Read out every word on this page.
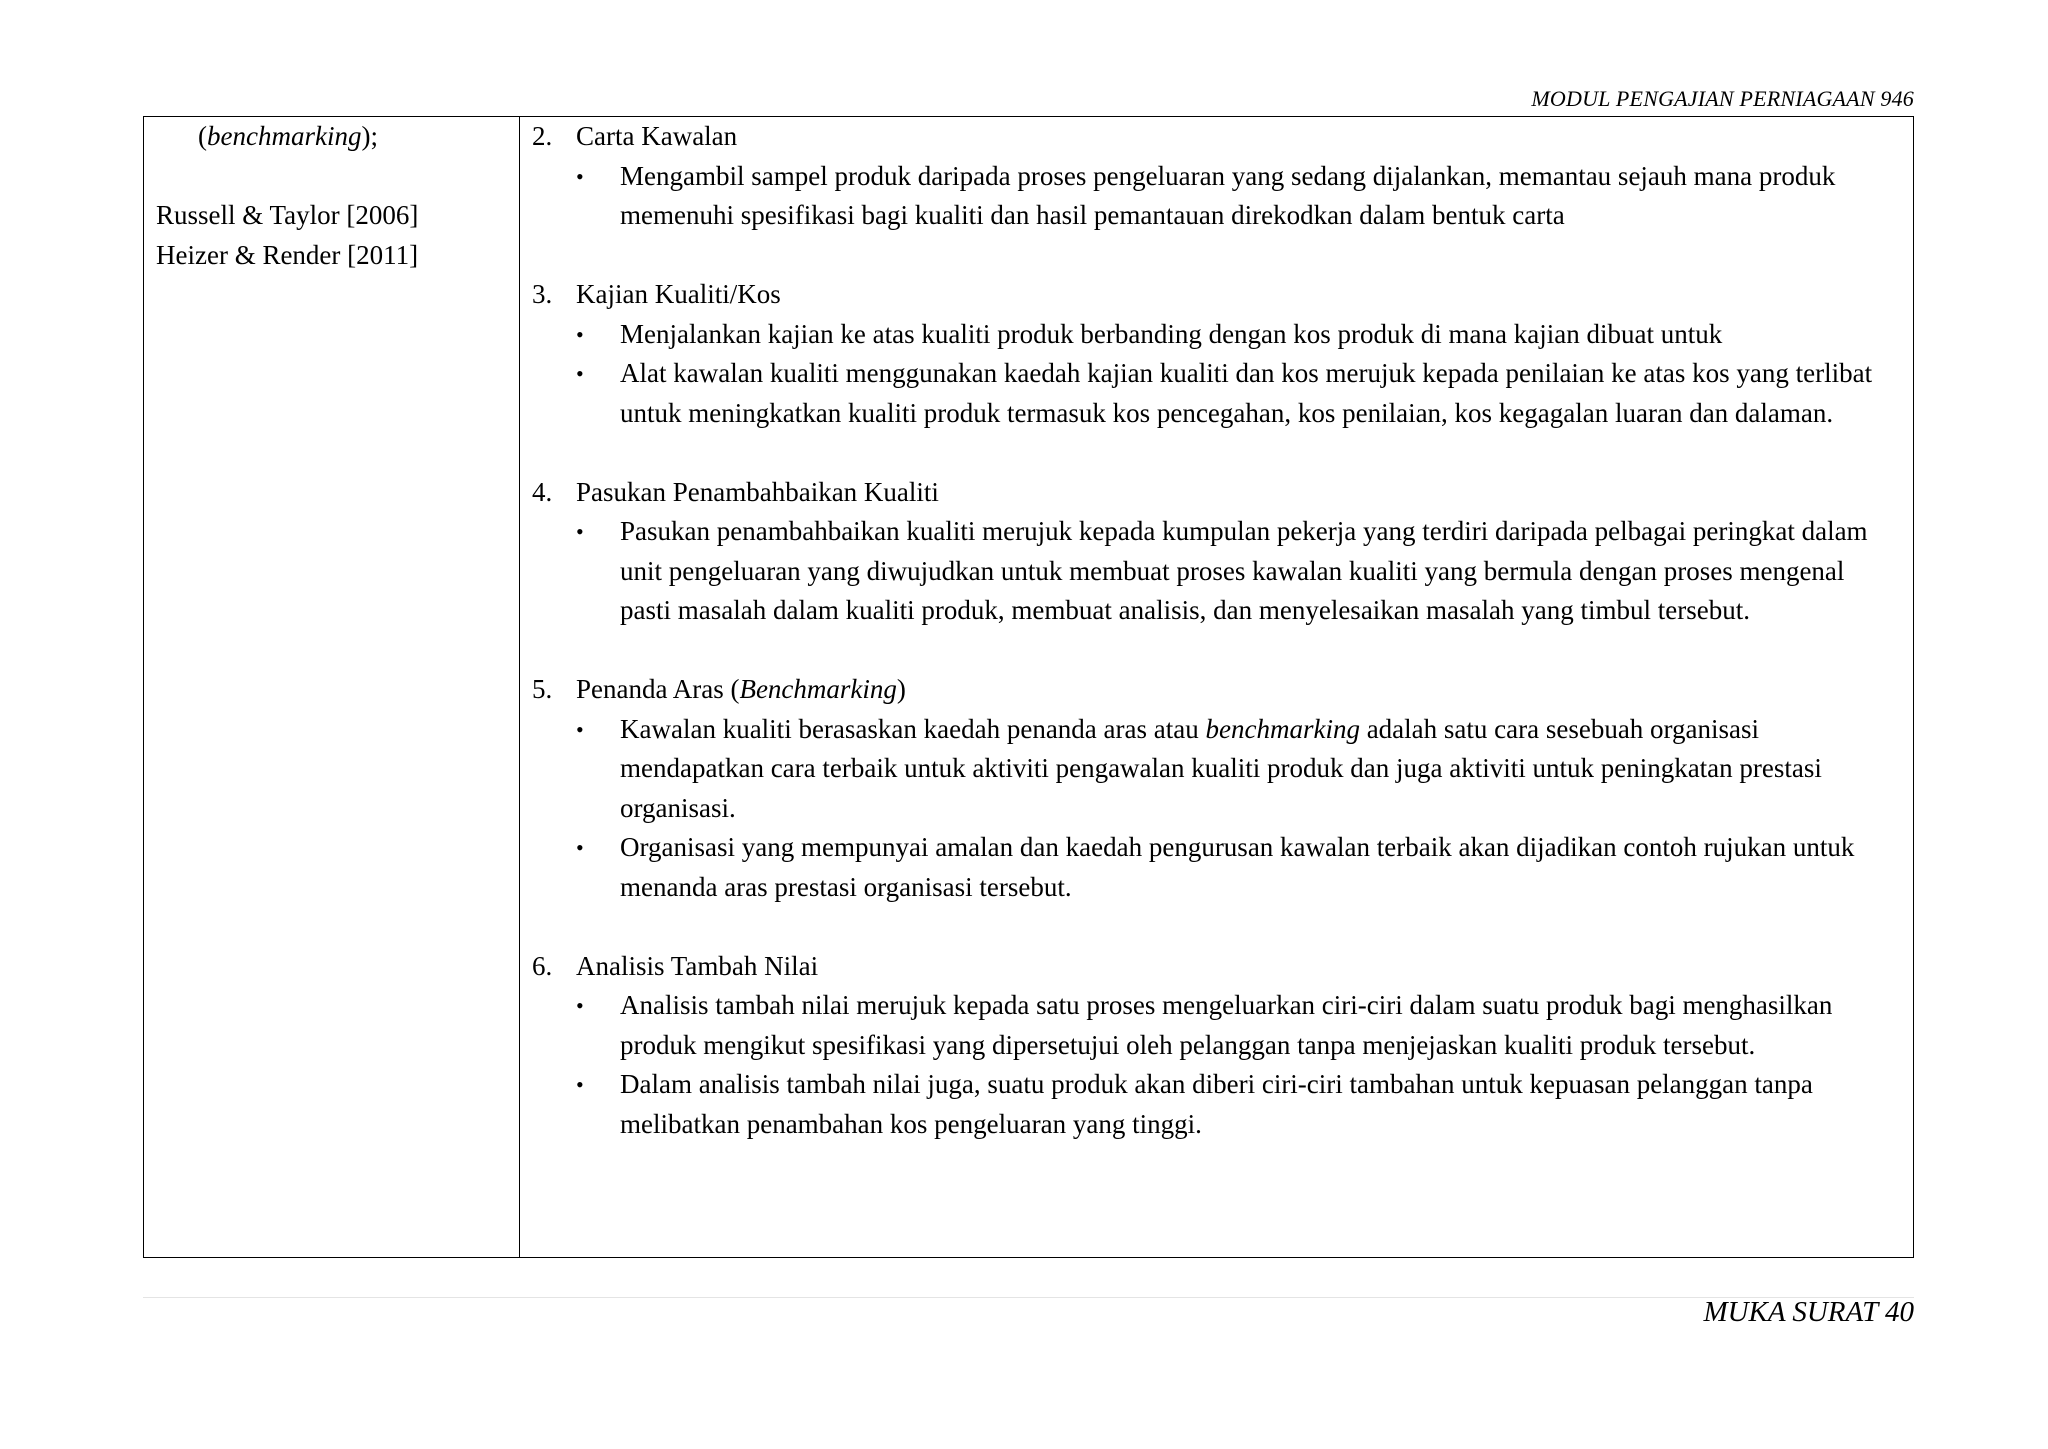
MODUL PENGAJIAN PERNIAGAAN 946
(benchmarking);
Russell & Taylor [2006]
Heizer & Render [2011]
2. Carta Kawalan
•	Mengambil sampel produk daripada proses pengeluaran yang sedang dijalankan, memantau sejauh mana produk memenuhi spesifikasi bagi kualiti dan hasil pemantauan direkodkan dalam bentuk carta
3. Kajian Kualiti/Kos
•	Menjalankan kajian ke atas kualiti produk berbanding dengan kos produk di mana kajian dibuat untuk
•	Alat kawalan kualiti menggunakan kaedah kajian kualiti dan kos merujuk kepada penilaian ke atas kos yang terlibat untuk meningkatkan kualiti produk termasuk kos pencegahan, kos penilaian, kos kegagalan luaran dan dalaman.
4. Pasukan Penambahbaikan Kualiti
•	Pasukan penambahbaikan kualiti merujuk kepada kumpulan pekerja yang terdiri daripada pelbagai peringkat dalam unit pengeluaran yang diwujudkan untuk membuat proses kawalan kualiti yang bermula dengan proses mengenal pasti masalah dalam kualiti produk, membuat analisis, dan menyelesaikan masalah yang timbul tersebut.
5. Penanda Aras (Benchmarking)
•	Kawalan kualiti berasaskan kaedah penanda aras atau benchmarking adalah satu cara sesebuah organisasi mendapatkan cara terbaik untuk aktiviti pengawalan kualiti produk dan juga aktiviti untuk peningkatan prestasi organisasi.
•	Organisasi yang mempunyai amalan dan kaedah pengurusan kawalan terbaik akan dijadikan contoh rujukan untuk menanda aras prestasi organisasi tersebut.
6. Analisis Tambah Nilai
•	Analisis tambah nilai merujuk kepada satu proses mengeluarkan ciri-ciri dalam suatu produk bagi menghasilkan produk mengikut spesifikasi yang dipersetujui oleh pelanggan tanpa menjejaskan kualiti produk tersebut.
•	Dalam analisis tambah nilai juga, suatu produk akan diberi ciri-ciri tambahan untuk kepuasan pelanggan tanpa melibatkan penambahan kos pengeluaran yang tinggi.
MUKA SURAT 40
